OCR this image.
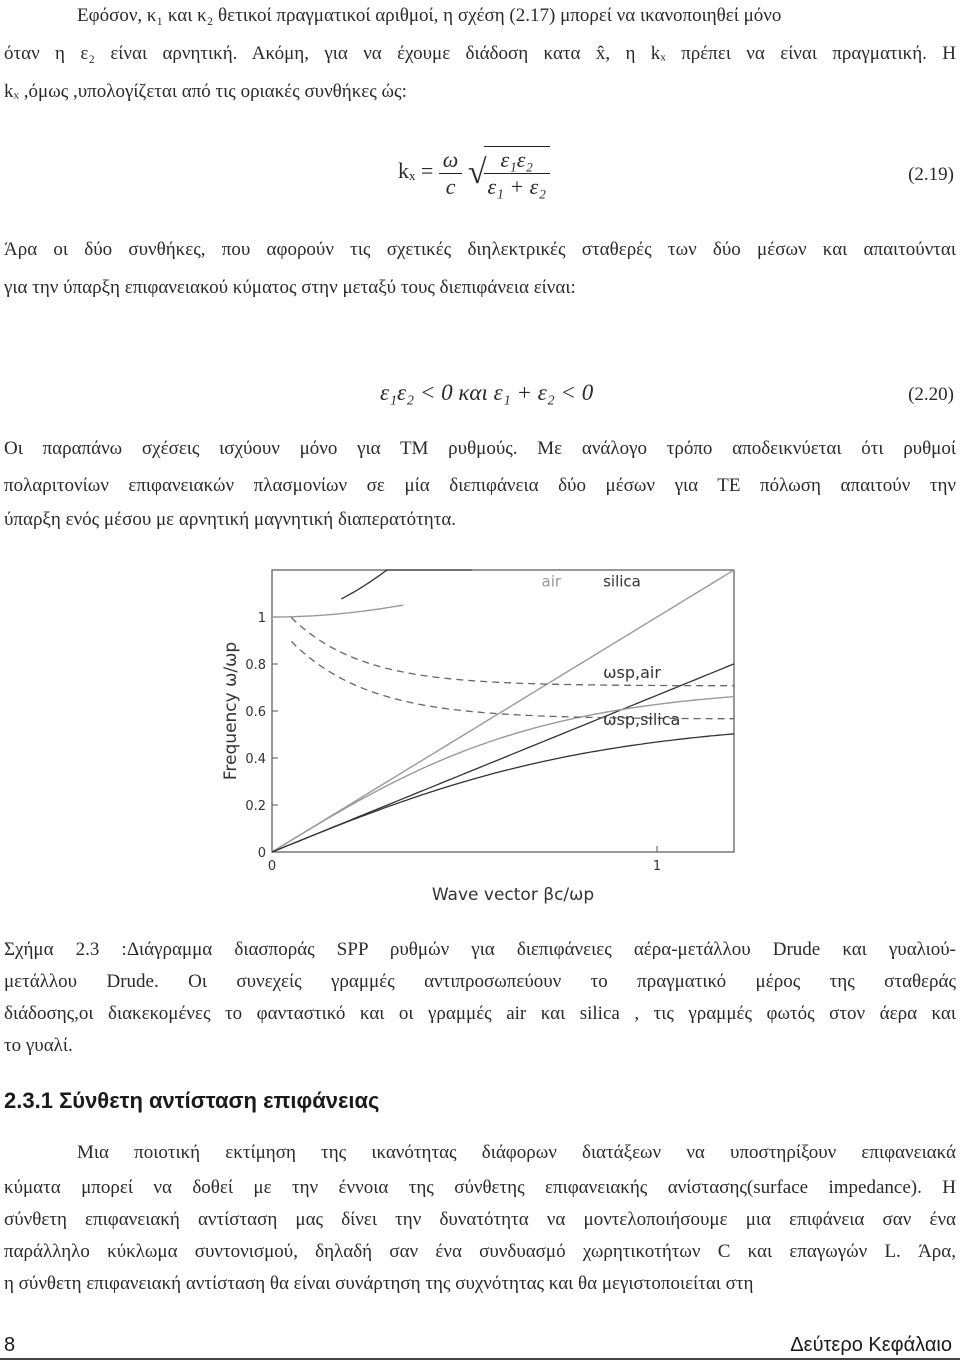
Εφόσον, κ₁ και κ₂ θετικοί πραγματικοί αριθμοί, η σχέση (2.17) μπορεί να ικανοποιηθεί μόνο
όταν η ε₂ είναι αρνητική. Ακόμη, για να έχουμε διάδοση κατα x̂, η kₓ πρέπει να είναι πραγματική. Η
kₓ ,όμως ,υπολογίζεται από τις οριακές συνθήκες ώς:
$k_x = \frac{\omega}{c}$ √
$\frac{\text{ε₁ε₂}}{\text{ε₁ + ε₂}}$	(2.19)
Άρα οι δύο συνθήκες, που αφορούν τις σχετικές διηλεκτρικές σταθερές των δύο μέσων και απαιτούνται
για την ύπαρξη επιφανειακού κύματος στην μεταξύ τους διεπιφάνεια είναι:
ε₁ε₂ < 0 και ε₁ + ε₂ < 0	(2.20)
Οι παραπάνω σχέσεις ισχύουν μόνο για ΤΜ ρυθμούς. Με ανάλογο τρόπο αποδεικνύεται ότι ρυθμοί
πολαριτονίων επιφανειακών πλασμονίων σε μία διεπιφάνεια δύο μέσων για ΤΕ πόλωση απαιτούν την
ύπαρξη ενός μέσου με αρνητική μαγνητική διαπερατότητα.
0
0.2
0.4
0.6
0.8
1
0	1
Wave vector βc/ωp
Frequency ω/ωp
air	silica
ωsp,air
ωsp,silica
Σχήμα 2.3 :Διάγραμμα διασποράς SPP ρυθμών για διεπιφάνειες αέρα-μετάλλου Drude και γυαλιού-
μετάλλου Drude. Οι συνεχείς γραμμές αντιπροσωπεύουν το πραγματικό μέρος της σταθεράς
διάδοσης,οι διακεκομένες το φανταστικό και οι γραμμές air και silica , τις γραμμές φωτός στον άερα και
το γυαλί.
2.3.1 Σύνθετη αντίσταση επιφάνειας
Μια ποιοτική εκτίμηση της ικανότητας διάφορων διατάξεων να υποστηρίξουν επιφανειακά
κύματα μπορεί να δοθεί με την έννοια της σύνθετης επιφανειακής ανίστασης(surface impedance). Η
σύνθετη επιφανειακή αντίσταση μας δίνει την δυνατότητα να μοντελοποιήσουμε μια επιφάνεια σαν ένα
παράλληλο κύκλωμα συντονισμού, δηλαδή σαν ένα συνδυασμό χωρητικοτήτων C και επαγωγών L. Άρα,
η σύνθετη επιφανειακή αντίσταση θα είναι συνάρτηση της συχνότητας και θα μεγιστοποιείται στη
8	Δεύτερο Κεφάλαιο
